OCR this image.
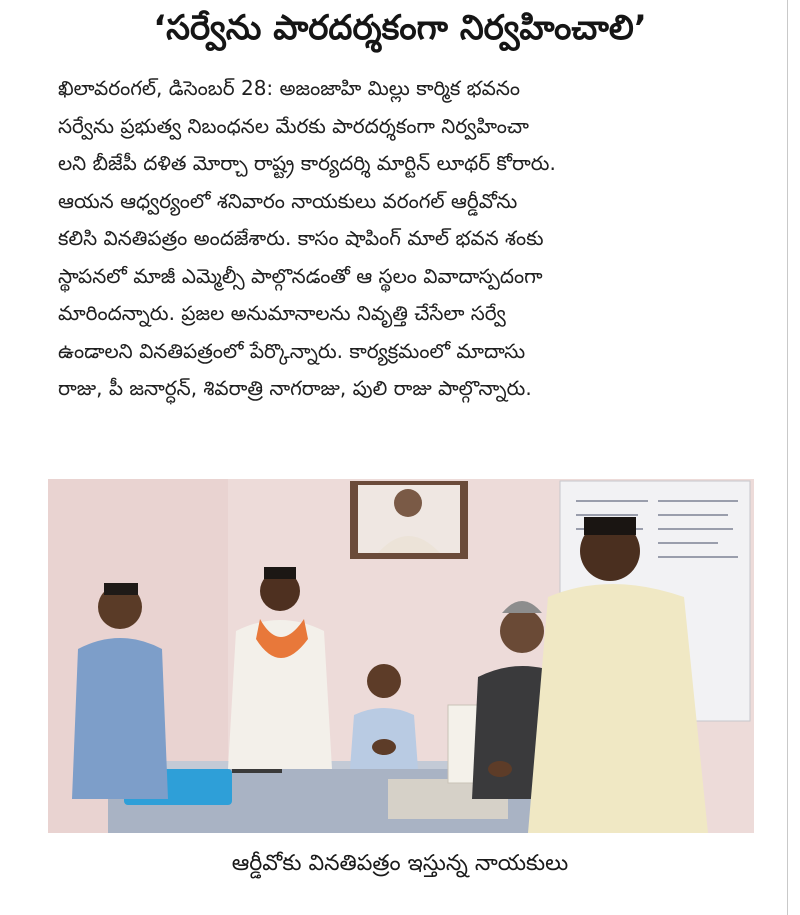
‘సర్వేను పారదర్శకంగా నిర్వహించాలి’
ఖిలావరంగల్, డిసెంబర్ 28: అజంజాహి మిల్లు కార్మిక భవనం
సర్వేను ప్రభుత్వ నిబంధనల మేరకు పారదర్శకంగా నిర్వహించా
లని బీజేపీ దళిత మోర్చా రాష్ట్ర కార్యదర్శి మార్టిన్ లూథర్ కోరారు.
ఆయన ఆధ్వర్యంలో శనివారం నాయకులు వరంగల్ ఆర్డీవోను
కలిసి వినతిపత్రం అందజేశారు. కాసం షాపింగ్ మాల్ భవన శంకు
స్థాపనలో మాజీ ఎమ్మెల్సీ పాల్గొనడంతో ఆ స్థలం వివాదాస్పదంగా
మారిందన్నారు. ప్రజల అనుమానాలను నివృత్తి చేసేలా సర్వే
ఉండాలని వినతిపత్రంలో పేర్కొన్నారు. కార్యక్రమంలో మాదాసు
రాజు, పీ జనార్ధన్, శివరాత్రి నాగరాజు, పులి రాజు పాల్గొన్నారు.
ఆర్డీవోకు వినతిపత్రం ఇస్తున్న నాయకులు
